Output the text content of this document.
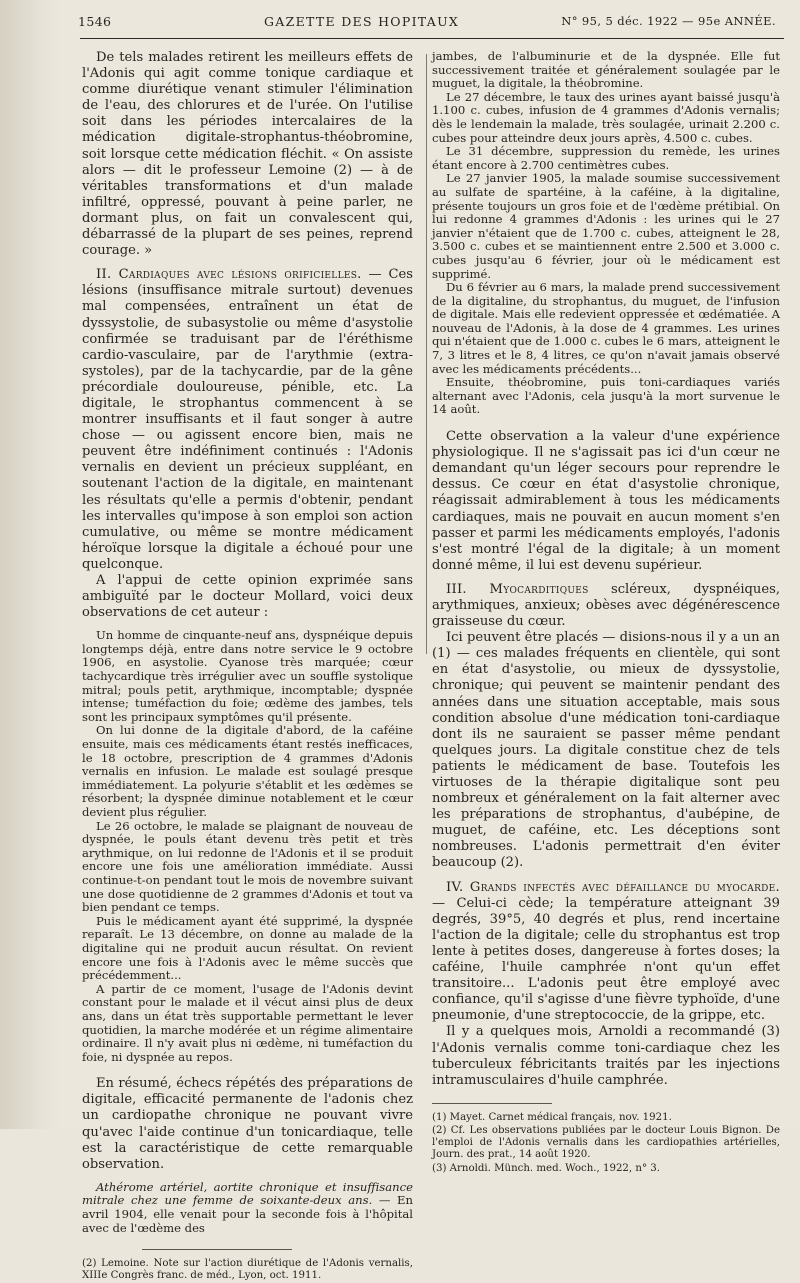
1546	GAZETTE DES HOPITAUX	N° 95, 5 déc. 1922 — 95e ANNÉE.

De tels malades retirent les meilleurs effets de l'Adonis qui agit comme tonique cardiaque et comme diurétique venant stimuler l'élimination de l'eau, des chlorures et de l'urée. On l'utilise soit dans les périodes intercalaires de la médication digitale-strophantus-théobromine, soit lorsque cette médication fléchit. « On assiste alors — dit le professeur Lemoine (2) — à de véritables transformations et d'un malade infiltré, oppressé, pouvant à peine parler, ne dormant plus, on fait un convalescent qui, débarrassé de la plupart de ses peines, reprend courage. »

II. Cardiaques avec lésions orificielles. — Ces lésions (insuffisance mitrale surtout) devenues mal compensées, entraînent un état de dyssystolie, de subasystolie ou même d'asystolie confirmée se traduisant par de l'éréthisme cardio-vasculaire, par de l'arythmie (extra-systoles), par de la tachycardie, par de la gêne précordiale douloureuse, pénible, etc. La digitale, le strophantus commencent à se montrer insuffisants et il faut songer à autre chose — ou agissent encore bien, mais ne peuvent être indéfiniment continués : l'Adonis vernalis en devient un précieux suppléant, en soutenant l'action de la digitale, en maintenant les résultats qu'elle a permis d'obtenir, pendant les intervalles qu'impose à son emploi son action cumulative, ou même se montre médicament héroïque lorsque la digitale a échoué pour une quelconque.

A l'appui de cette opinion exprimée sans ambiguïté par le docteur Mollard, voici deux observations de cet auteur :

Un homme de cinquante-neuf ans, dyspnéique depuis longtemps déjà, entre dans notre service le 9 octobre 1906, en asystolie. Cyanose très marquée; cœur tachycardique très irrégulier avec un souffle systolique mitral; pouls petit, arythmique, incomptable; dyspnée intense; tuméfaction du foie; œdème des jambes, tels sont les principaux symptômes qu'il présente.

On lui donne de la digitale d'abord, de la caféine ensuite, mais ces médicaments étant restés inefficaces, le 18 octobre, prescription de 4 grammes d'Adonis vernalis en infusion. Le malade est soulagé presque immédiatement. La polyurie s'établit et les œdèmes se résorbent; la dyspnée diminue notablement et le cœur devient plus régulier.

Le 26 octobre, le malade se plaignant de nouveau de dyspnée, le pouls étant devenu très petit et très arythmique, on lui redonne de l'Adonis et il se produit encore une fois une amélioration immédiate. Aussi continue-t-on pendant tout le mois de novembre suivant une dose quotidienne de 2 grammes d'Adonis et tout va bien pendant ce temps.

Puis le médicament ayant été supprimé, la dyspnée reparaît. Le 13 décembre, on donne au malade de la digitaline qui ne produit aucun résultat. On revient encore une fois à l'Adonis avec le même succès que précédemment...

A partir de ce moment, l'usage de l'Adonis devint constant pour le malade et il vécut ainsi plus de deux ans, dans un état très supportable permettant le lever quotidien, la marche modérée et un régime alimentaire ordinaire. Il n'y avait plus ni œdème, ni tuméfaction du foie, ni dyspnée au repos.

En résumé, échecs répétés des préparations de digitale, efficacité permanente de l'adonis chez un cardiopathe chronique ne pouvant vivre qu'avec l'aide continue d'un tonicardiaque, telle est la caractéristique de cette remarquable observation.

Athérome artériel, aortite chronique et insuffisance mitrale chez une femme de soixante-deux ans. — En avril 1904, elle venait pour la seconde fois à l'hôpital avec de l'œdème des

(2) Lemoine. Note sur l'action diurétique de l'Adonis vernalis, XIIIe Congrès franc. de méd., Lyon, oct. 1911.

jambes, de l'albuminurie et de la dyspnée. Elle fut successivement traitée et généralement soulagée par le muguet, la digitale, la théobromine.

Le 27 décembre, le taux des urines ayant baissé jusqu'à 1.100 c. cubes, infusion de 4 grammes d'Adonis vernalis; dès le lendemain la malade, très soulagée, urinait 2.200 c. cubes pour atteindre deux jours après, 4.500 c. cubes.

Le 31 décembre, suppression du remède, les urines étant encore à 2.700 centimètres cubes.

Le 27 janvier 1905, la malade soumise successivement au sulfate de spartéine, à la caféine, à la digitaline, présente toujours un gros foie et de l'œdème prétibial. On lui redonne 4 grammes d'Adonis : les urines qui le 27 janvier n'étaient que de 1.700 c. cubes, atteignent le 28, 3.500 c. cubes et se maintiennent entre 2.500 et 3.000 c. cubes jusqu'au 6 février, jour où le médicament est supprimé.

Du 6 février au 6 mars, la malade prend successivement de la digitaline, du strophantus, du muguet, de l'infusion de digitale. Mais elle redevient oppressée et œdématiée. A nouveau de l'Adonis, à la dose de 4 grammes. Les urines qui n'étaient que de 1.000 c. cubes le 6 mars, atteignent le 7, 3 litres et le 8, 4 litres, ce qu'on n'avait jamais observé avec les médicaments précédents...

Ensuite, théobromine, puis toni-cardiaques variés alternant avec l'Adonis, cela jusqu'à la mort survenue le 14 août.

Cette observation a la valeur d'une expérience physiologique. Il ne s'agissait pas ici d'un cœur ne demandant qu'un léger secours pour reprendre le dessus. Ce cœur en état d'asystolie chronique, réagissait admirablement à tous les médicaments cardiaques, mais ne pouvait en aucun moment s'en passer et parmi les médicaments employés, l'adonis s'est montré l'égal de la digitale; à un moment donné même, il lui est devenu supérieur.

III. Myocarditiques scléreux, dyspnéiques, arythmiques, anxieux; obèses avec dégénérescence graisseuse du cœur.

Ici peuvent être placés — disions-nous il y a un an (1) — ces malades fréquents en clientèle, qui sont en état d'asystolie, ou mieux de dyssystolie, chronique; qui peuvent se maintenir pendant des années dans une situation acceptable, mais sous condition absolue d'une médication toni-cardiaque dont ils ne sauraient se passer même pendant quelques jours. La digitale constitue chez de tels patients le médicament de base. Toutefois les virtuoses de la thérapie digitalique sont peu nombreux et généralement on la fait alterner avec les préparations de strophantus, d'aubépine, de muguet, de caféine, etc. Les déceptions sont nombreuses. L'adonis permettrait d'en éviter beaucoup (2).

IV. Grands infectés avec défaillance du myocarde. — Celui-ci cède; la température atteignant 39 degrés, 39°5, 40 degrés et plus, rend incertaine l'action de la digitale; celle du strophantus est trop lente à petites doses, dangereuse à fortes doses; la caféine, l'huile camphrée n'ont qu'un effet transitoire... L'adonis peut être employé avec confiance, qu'il s'agisse d'une fièvre typhoïde, d'une pneumonie, d'une streptococcie, de la grippe, etc.

Il y a quelques mois, Arnoldi a recommandé (3) l'Adonis vernalis comme toni-cardiaque chez les tuberculeux fébricitants traités par les injections intramusculaires d'huile camphrée.

(1) Mayet. Carnet médical français, nov. 1921.

(2) Cf. Les observations publiées par le docteur Louis Bignon. De l'emploi de l'Adonis vernalis dans les cardiopathies artérielles, Journ. des prat., 14 août 1920.

(3) Arnoldi. Münch. med. Woch., 1922, n° 3.
